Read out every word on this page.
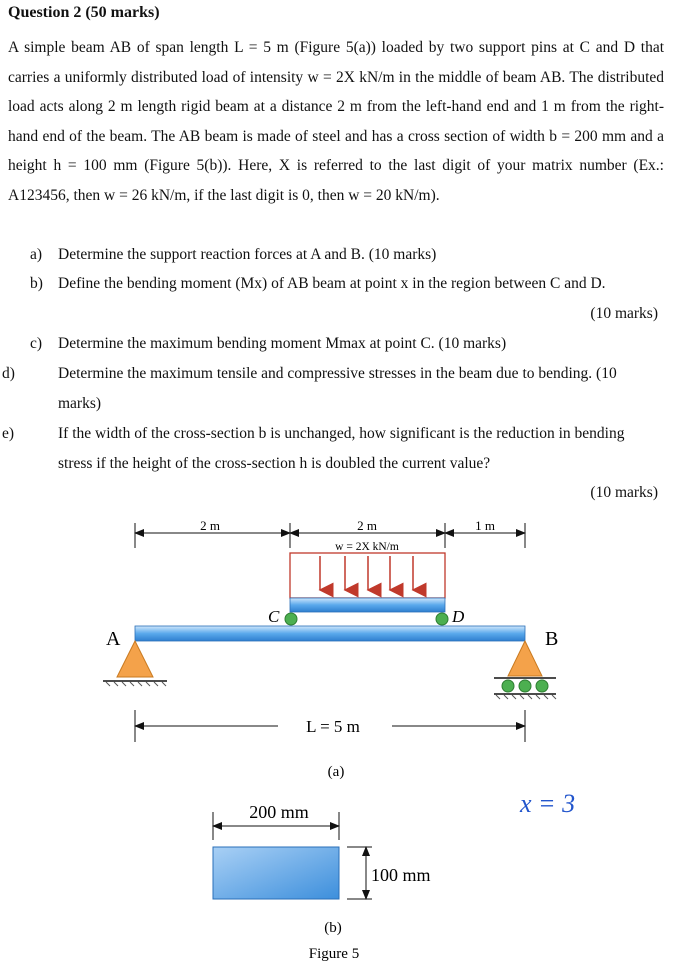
Question 2 (50 marks)
A simple beam AB of span length L = 5 m (Figure 5(a)) loaded by two support pins at C and D that carries a uniformly distributed load of intensity w = 2X kN/m in the middle of beam AB. The distributed load acts along 2 m length rigid beam at a distance 2 m from the left-hand end and 1 m from the right-hand end of the beam. The AB beam is made of steel and has a cross section of width b = 200 mm and a height h = 100 mm (Figure 5(b)). Here, X is referred to the last digit of your matrix number (Ex.: A123456, then w = 26 kN/m, if the last digit is 0, then w = 20 kN/m).
a) Determine the support reaction forces at A and B. (10 marks)
b) Define the bending moment (Mx) of AB beam at point x in the region between C and D.
(10 marks)
c) Determine the maximum bending moment Mmax at point C. (10 marks)
d)	Determine the maximum tensile and compressive stresses in the beam due to bending. (10 marks)
e)	If the width of the cross-section b is unchanged, how significant is the reduction in bending stress if the height of the cross-section h is doubled the current value?
(10 marks)
2 m	2 m	1 m
w = 2X kN/m
C	D
A	B
L = 5 m
(a)
x = 3
200 mm
100 mm
(b)
Figure 5
